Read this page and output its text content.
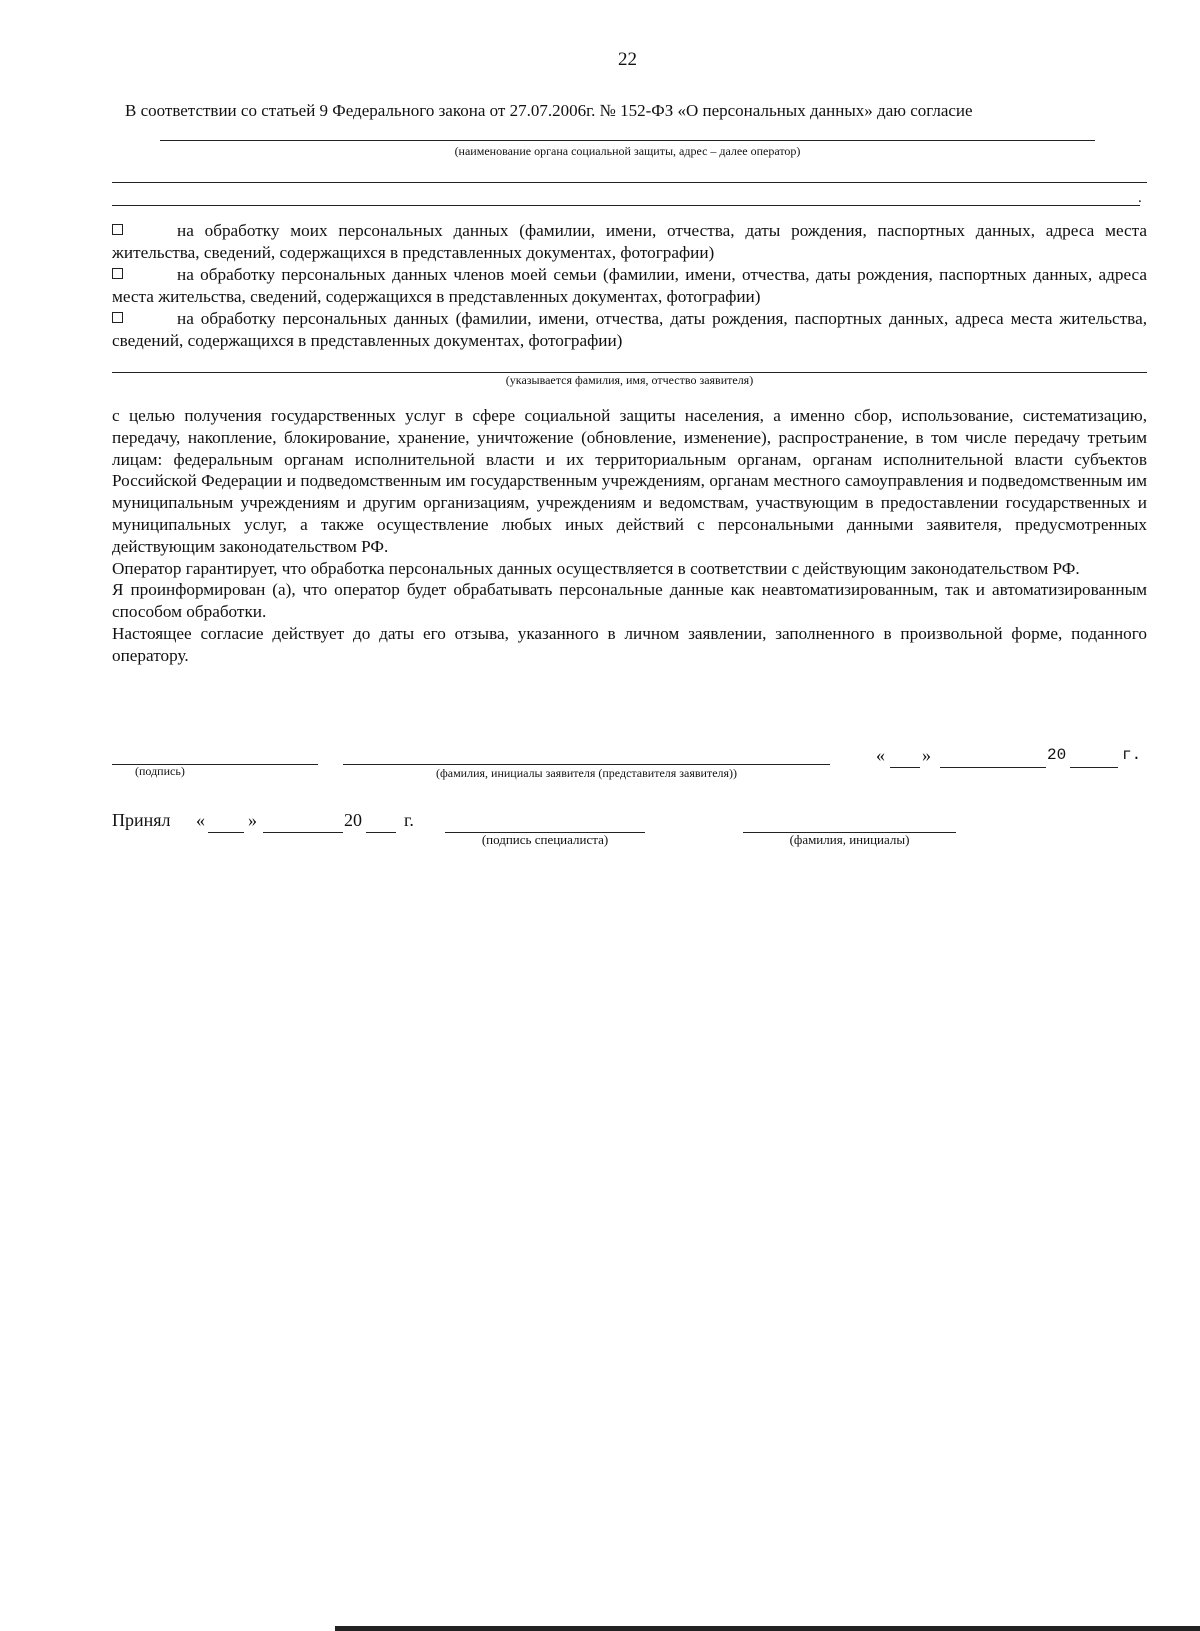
22
В соответствии со статьей 9 Федерального закона от 27.07.2006г. № 152-ФЗ «О персональных данных» даю согласие
(наименование органа социальной защиты, адрес – далее оператор)
.
на обработку моих персональных данных (фамилии, имени, отчества, даты рождения, паспортных данных, адреса места жительства, сведений, содержащихся в представленных документах, фотографии)
на обработку персональных данных членов моей семьи (фамилии, имени, отчества, даты рождения, паспортных данных, адреса места жительства, сведений, содержащихся в представленных документах, фотографии)
на обработку персональных данных (фамилии, имени, отчества, даты рождения, паспортных данных, адреса места жительства, сведений, содержащихся в представленных документах, фотографии)
(указывается фамилия, имя, отчество заявителя)

с целью получения государственных услуг в сфере социальной защиты населения, а именно сбор, использование, систематизацию, передачу, накопление, блокирование, хранение, уничтожение (обновление, изменение), распространение, в том числе передачу третьим лицам: федеральным органам исполнительной власти и их территориальным органам, органам исполнительной власти субъектов Российской Федерации и подведомственным им государственным учреждениям, органам местного самоуправления и подведомственным им муниципальным учреждениям и другим организациям, учреждениям и ведомствам, участвующим в предоставлении государственных и муниципальных услуг, а также осуществление любых иных действий с персональными данными заявителя, предусмотренных действующим законодательством РФ.

Оператор гарантирует, что обработка персональных данных осуществляется в соответствии с действующим законодательством РФ.

Я проинформирован (а), что оператор будет обрабатывать персональные данные как неавтоматизированным, так и автоматизированным способом обработки.

Настоящее согласие действует до даты его отзыва, указанного в личном заявлении, заполненного в произвольной форме, поданного оператору.

(подпись)	(фамилия, инициалы заявителя (представителя заявителя))
« »	20	г.
Принял « »	20 г.
(подпись специалиста)	(фамилия, инициалы)
